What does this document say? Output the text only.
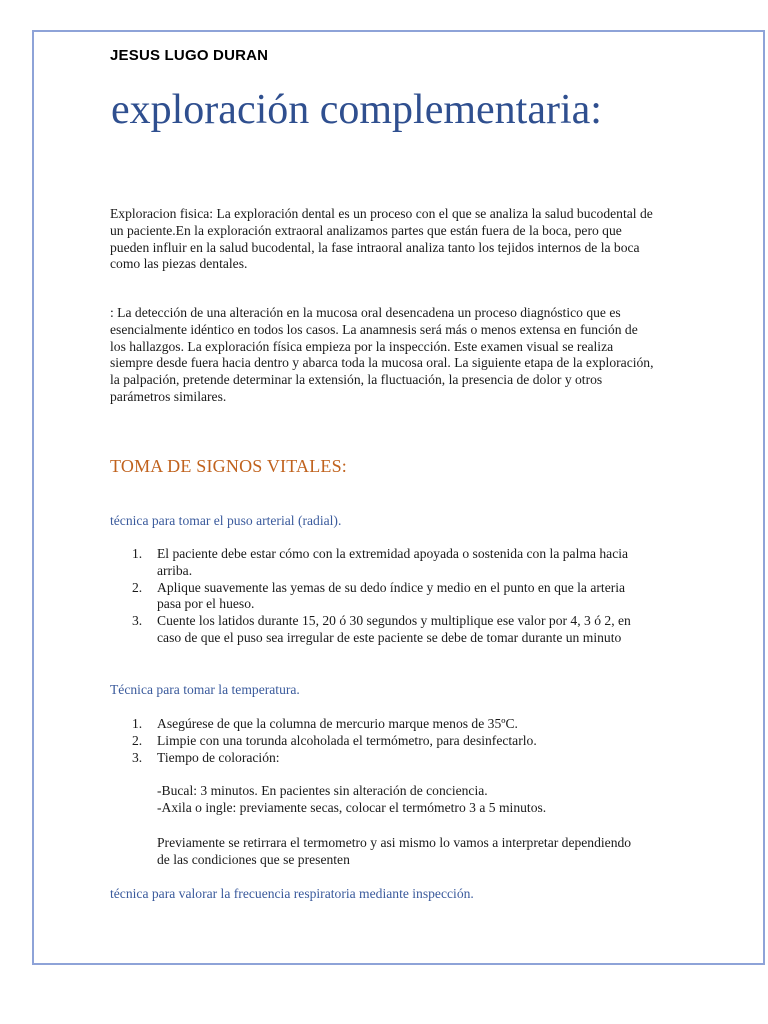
JESUS LUGO DURAN
exploración complementaria:
Exploracion fisica: La exploración dental es un proceso con el que se analiza la salud bucodental de un paciente.En la exploración extraoral analizamos partes que están fuera de la boca, pero que pueden influir en la salud bucodental, la fase intraoral analiza tanto los tejidos internos de la boca como las piezas dentales.
: La detección de una alteración en la mucosa oral desencadena un proceso diagnóstico que es esencialmente idéntico en todos los casos. La anamnesis será más o menos extensa en función de los hallazgos. La exploración física empieza por la inspección. Este examen visual se realiza siempre desde fuera hacia dentro y abarca toda la mucosa oral. La siguiente etapa de la exploración, la palpación, pretende determinar la extensión, la fluctuación, la presencia de dolor y otros parámetros similares.
TOMA DE SIGNOS VITALES:
técnica para tomar el puso arterial (radial).
1. El paciente debe estar cómo con la extremidad apoyada o sostenida con la palma hacia arriba.
2. Aplique suavemente las yemas de su dedo índice y medio en el punto en que la arteria pasa por el hueso.
3. Cuente los latidos durante 15, 20 ó 30 segundos y multiplique ese valor por 4, 3 ó 2, en caso de que el puso sea irregular de este paciente se debe de tomar durante un minuto
Técnica para tomar la temperatura.
1. Asegúrese de que la columna de mercurio marque menos de 35ºC.
2. Limpie con una torunda alcoholada el termómetro, para desinfectarlo.
3. Tiempo de coloración:
-Bucal: 3 minutos. En pacientes sin alteración de conciencia.
-Axila o ingle: previamente secas, colocar el termómetro 3 a 5 minutos.
Previamente se retirrara el termometro y asi mismo lo vamos a interpretar dependiendo de las condiciones que se presenten
técnica para valorar la frecuencia respiratoria mediante inspección.
